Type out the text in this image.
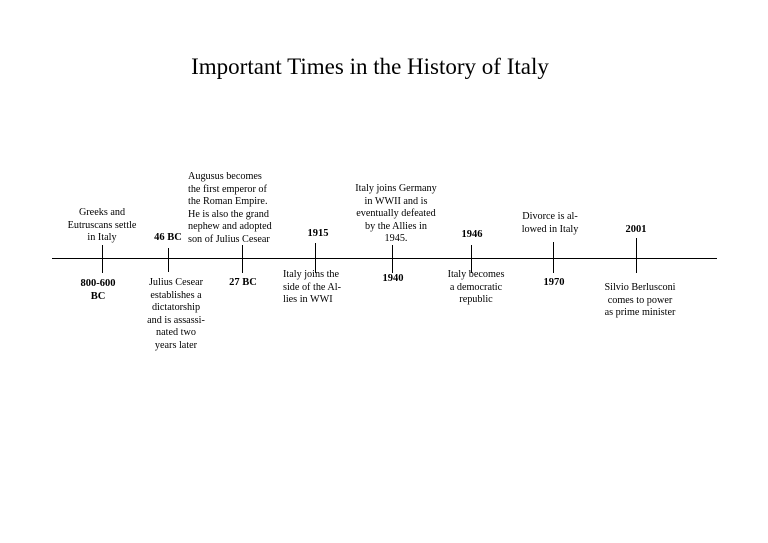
Important Times in the History of Italy
Greeks and
Eutruscans settle
in Italy
800-600
BC
46 BC
Julius Cesear
establishes a
dictatorship
and is assassi-
nated two
years later
Augusus becomes
the first emperor of
the Roman Empire.
He is also the grand
nephew and adopted
son of Julius Cesear
27 BC
1915
Italy joins the
side of the Al-
lies in WWI
Italy joins Germany
in WWII and is
eventually defeated
by the Allies in
1945.
1940
1946
Italy becomes
a democratic
republic
Divorce is al-
lowed in Italy
1970
2001
Silvio Berlusconi
comes to power
as prime minister
